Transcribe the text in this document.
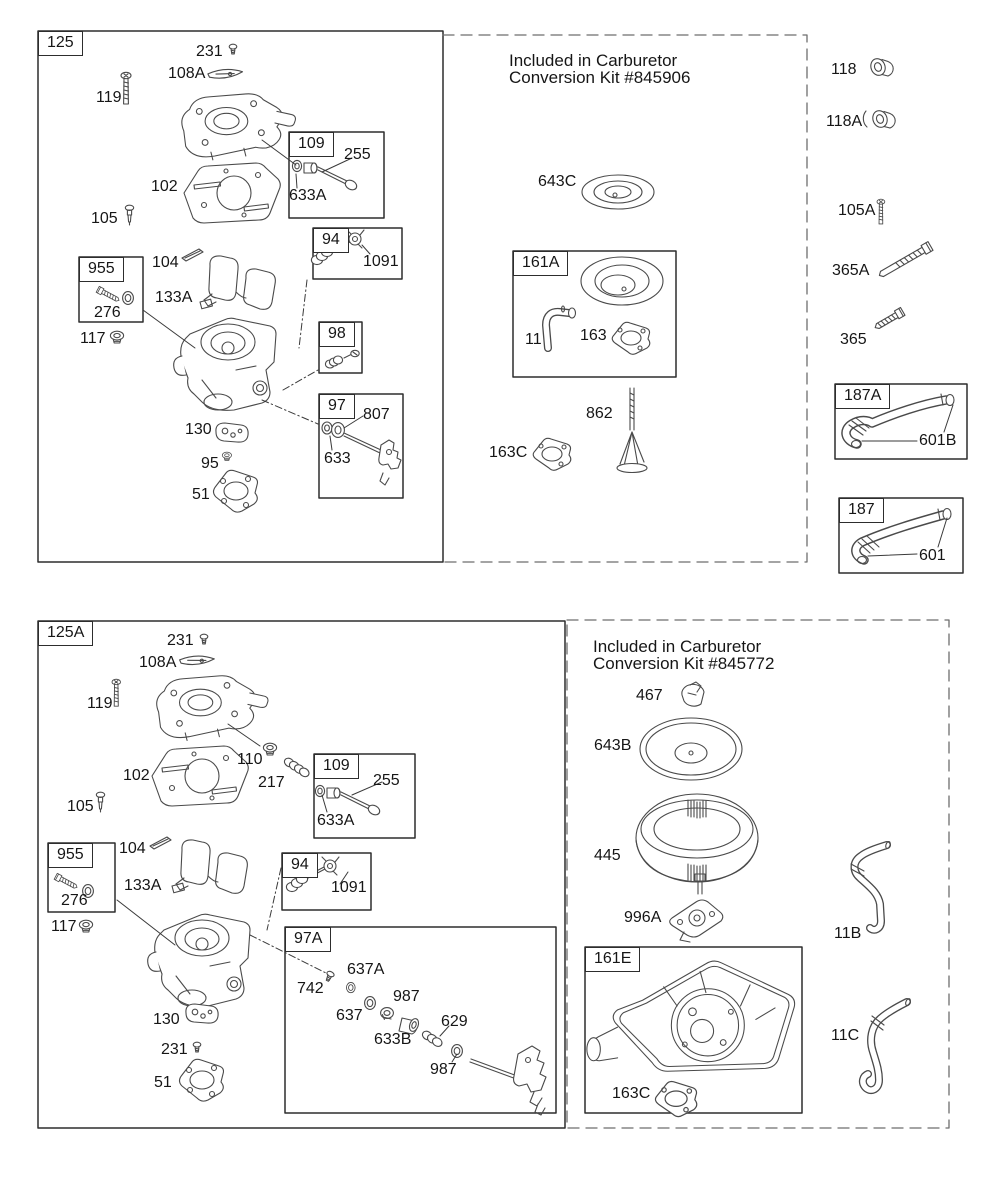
125
109
94
98
97
955	161A
187A
187
125A
109
94
955
97A
161E
Included in Carburetor
Conversion Kit #845906
Included in Carburetor
Conversion Kit #845772
231
108A
119
102
105
104
133A
117
130
95
51
255
633A
1091
807
633
276
643C
11 163
862
163C
118
118A
105A
365A
365
601B
601
231
108A
119
110
217
102
105
104
133A
117
130
231
51
255
633A
1091
276
742
637A
637
987
633B
629
987
467
643B
445
996A
163C
11B
11C
